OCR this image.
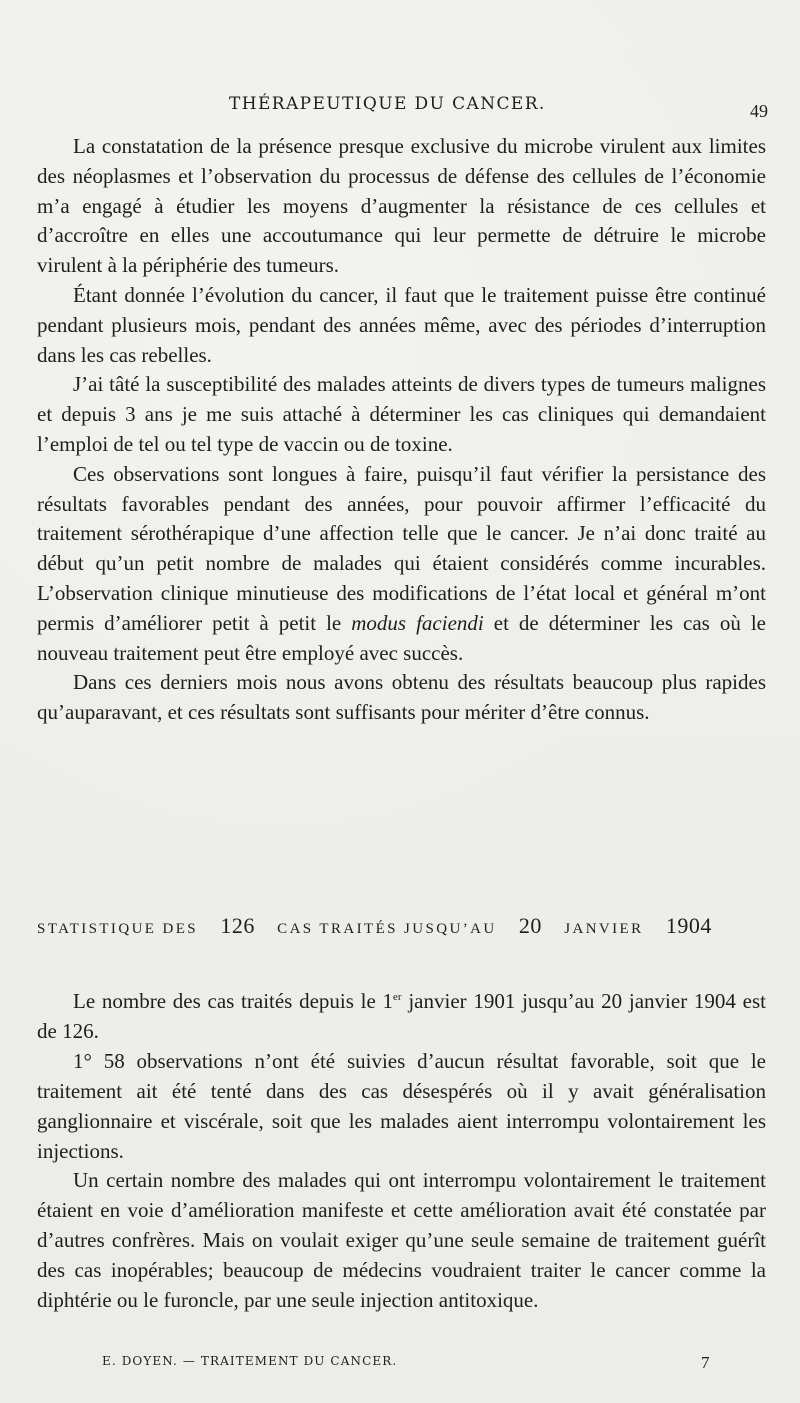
THÉRAPEUTIQUE DU CANCER.	49

La constatation de la présence presque exclusive du microbe virulent aux limites des néoplasmes et l’observation du processus de défense des cellules de l’économie m’a engagé à étudier les moyens d’augmenter la résistance de ces cellules et d’accroître en elles une accoutumance qui leur permette de détruire le microbe virulent à la périphérie des tumeurs.

Étant donnée l’évolution du cancer, il faut que le traitement puisse être continué pendant plusieurs mois, pendant des années même, avec des périodes d’interruption dans les cas rebelles.

J’ai tâté la susceptibilité des malades atteints de divers types de tumeurs malignes et depuis 3 ans je me suis attaché à déterminer les cas cliniques qui demandaient l’emploi de tel ou tel type de vaccin ou de toxine.

Ces observations sont longues à faire, puisqu’il faut vérifier la persistance des résultats favorables pendant des années, pour pouvoir affirmer l’efficacité du traitement sérothérapique d’une affection telle que le cancer. Je n’ai donc traité au début qu’un petit nombre de malades qui étaient considérés comme incurables. L’observation clinique minutieuse des modifications de l’état local et général m’ont permis d’améliorer petit à petit le modus faciendi et de déterminer les cas où le nouveau traitement peut être employé avec succès.

Dans ces derniers mois nous avons obtenu des résultats beaucoup plus rapides qu’auparavant, et ces résultats sont suffisants pour mériter d’être connus.

STATISTIQUE DES 126 CAS TRAITÉS JUSQU’AU 20 JANVIER 1904

Le nombre des cas traités depuis le 1er janvier 1901 jusqu’au 20 janvier 1904 est de 126.

1° 58 observations n’ont été suivies d’aucun résultat favorable, soit que le traitement ait été tenté dans des cas désespérés où il y avait généralisation ganglionnaire et viscérale, soit que les malades aient interrompu volontairement les injections.

Un certain nombre des malades qui ont interrompu volontairement le traitement étaient en voie d’amélioration manifeste et cette amélioration avait été constatée par d’autres confrères. Mais on voulait exiger qu’une seule semaine de traitement guérît des cas inopérables; beaucoup de médecins voudraient traiter le cancer comme la diphtérie ou le furoncle, par une seule injection antitoxique.

E. DOYEN. — TRAITEMENT DU CANCER.	7
